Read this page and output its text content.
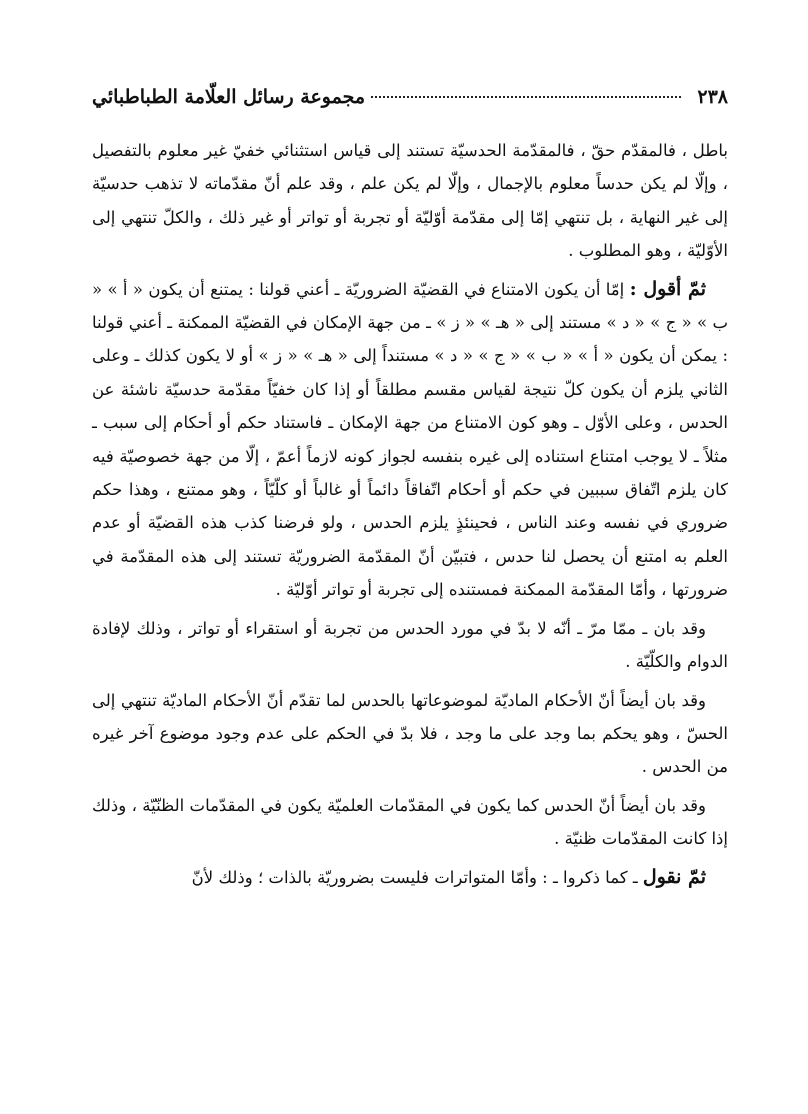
٢٣٨
مجموعة رسائل العلّامة الطباطبائي

باطل ، فالمقدّم حقّ ، فالمقدّمة الحدسيّة تستند إلى قياس استثنائي خفيّ غير معلوم بالتفصيل ، وإلّا لم يكن حدساً معلوم بالإجمال ، وإلّا لم يكن علم ، وقد علم أنّ مقدّماته لا تذهب حدسيّة إلى غير النهاية ، بل تنتهي إمّا إلى مقدّمة أوّليّة أو تجربة أو تواتر أو غير ذلك ، والكلّ تنتهي إلى الأوّليّة ، وهو المطلوب .

ثمّ أقول : إمّا أن يكون الامتناع في القضيّة الضروريّة ـ أعني قولنا : يمتنع أن يكون « أ » « ب » « ج » « د » مستند إلى « هـ » « ز » ـ من جهة الإمكان في القضيّة الممكنة ـ أعني قولنا : يمكن أن يكون « أ » « ب » « ج » « د » مستنداً إلى « هـ » « ز » أو لا يكون كذلك ـ وعلى الثاني يلزم أن يكون كلّ نتيجة لقياس مقسم مطلقاً أو إذا كان خفيّاً مقدّمة حدسيّة ناشئة عن الحدس ، وعلى الأوّل ـ وهو كون الامتناع من جهة الإمكان ـ فاستناد حكم أو أحكام إلى سبب ـ مثلاً ـ لا يوجب امتناع استناده إلى غيره بنفسه لجواز كونه لازماً أعمّ ، إلّا من جهة خصوصيّة فيه كان يلزم اتّفاق سببين في حكم أو أحكام اتّفاقاً دائماً أو غالباً أو كلّيّاً ، وهو ممتنع ، وهذا حكم ضروري في نفسه وعند الناس ، فحينئذٍ يلزم الحدس ، ولو فرضنا كذب هذه القضيّة أو عدم العلم به امتنع أن يحصل لنا حدس ، فتبيّن أنّ المقدّمة الضروريّة تستند إلى هذه المقدّمة في ضرورتها ، وأمّا المقدّمة الممكنة فمستنده إلى تجربة أو تواتر أوّليّة .

وقد بان ـ ممّا مرّ ـ أنّه لا بدّ في مورد الحدس من تجربة أو استقراء أو تواتر ، وذلك لإفادة الدوام والكلّيّة .

وقد بان أيضاً أنّ الأحكام الماديّة لموضوعاتها بالحدس لما تقدّم أنّ الأحكام الماديّة تنتهي إلى الحسّ ، وهو يحكم بما وجد على ما وجد ، فلا بدّ في الحكم على عدم وجود موضوع آخر غيره من الحدس .

وقد بان أيضاً أنّ الحدس كما يكون في المقدّمات العلميّة يكون في المقدّمات الظنّيّة ، وذلك إذا كانت المقدّمات ظنيّة .

ثمّ نقول ـ كما ذكروا ـ : وأمّا المتواترات فليست بضروريّة بالذات ؛ وذلك لأنّ
